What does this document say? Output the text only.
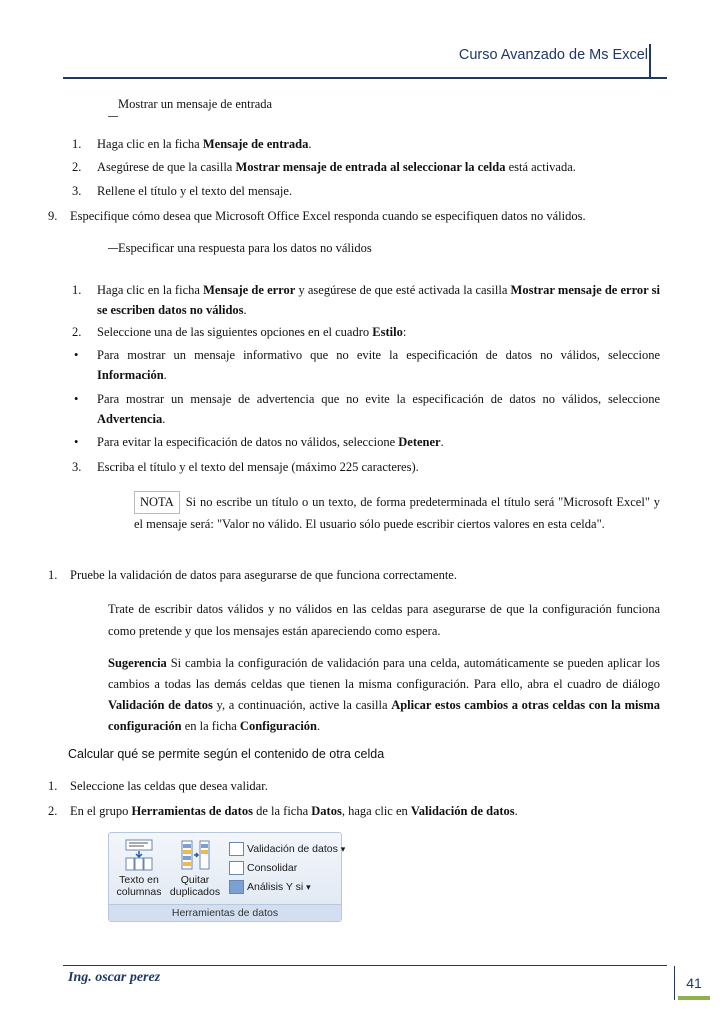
Curso Avanzado de Ms Excel
Mostrar un mensaje de entrada
1. Haga clic en la ficha Mensaje de entrada.
2. Asegúrese de que la casilla Mostrar mensaje de entrada al seleccionar la celda está activada.
3. Rellene el título y el texto del mensaje.
9. Especifique cómo desea que Microsoft Office Excel responda cuando se especifiquen datos no válidos.
Especificar una respuesta para los datos no válidos
1. Haga clic en la ficha Mensaje de error y asegúrese de que esté activada la casilla Mostrar mensaje de error si se escriben datos no válidos.
2. Seleccione una de las siguientes opciones en el cuadro Estilo:
• Para mostrar un mensaje informativo que no evite la especificación de datos no válidos, seleccione Información.
• Para mostrar un mensaje de advertencia que no evite la especificación de datos no válidos, seleccione Advertencia.
• Para evitar la especificación de datos no válidos, seleccione Detener.
3. Escriba el título y el texto del mensaje (máximo 225 caracteres).
NOTA Si no escribe un título o un texto, de forma predeterminada el título será "Microsoft Excel" y el mensaje será: "Valor no válido. El usuario sólo puede escribir ciertos valores en esta celda".
1. Pruebe la validación de datos para asegurarse de que funciona correctamente.
Trate de escribir datos válidos y no válidos en las celdas para asegurarse de que la configuración funciona como pretende y que los mensajes están apareciendo como espera.
Sugerencia Si cambia la configuración de validación para una celda, automáticamente se pueden aplicar los cambios a todas las demás celdas que tienen la misma configuración. Para ello, abra el cuadro de diálogo Validación de datos y, a continuación, active la casilla Aplicar estos cambios a otras celdas con la misma configuración en la ficha Configuración.
Calcular qué se permite según el contenido de otra celda
1. Seleccione las celdas que desea validar.
2. En el grupo Herramientas de datos de la ficha Datos, haga clic en Validación de datos.
Texto en
columnas
Quitar
duplicados
Validación de datos ▾
Consolidar
Análisis Y si ▾
Herramientas de datos
Ing. oscar perez	41
